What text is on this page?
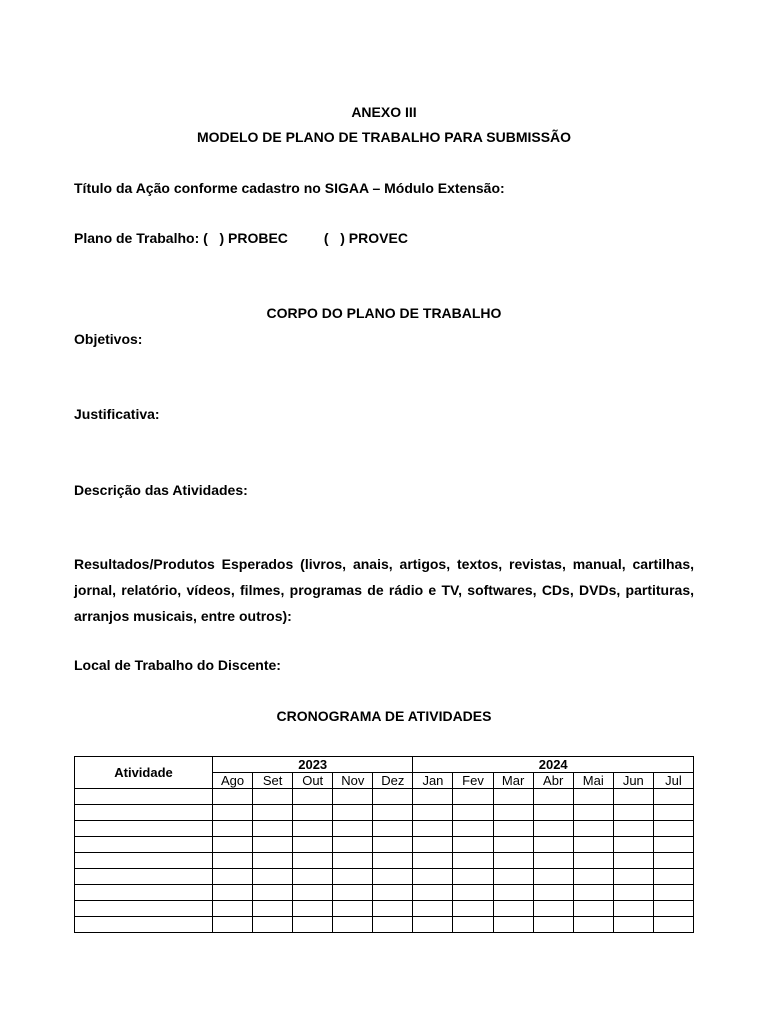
ANEXO III
MODELO DE PLANO DE TRABALHO PARA SUBMISSÃO
Título da Ação conforme cadastro no SIGAA – Módulo Extensão:
Plano de Trabalho: (   ) PROBEC	(   ) PROVEC
CORPO DO PLANO DE TRABALHO
Objetivos:
Justificativa:
Descrição das Atividades:
Resultados/Produtos Esperados (livros, anais, artigos, textos, revistas, manual, cartilhas, jornal, relatório, vídeos, filmes, programas de rádio e TV, softwares, CDs, DVDs, partituras, arranjos musicais, entre outros):
Local de Trabalho do Discente:
CRONOGRAMA DE ATIVIDADES
Atividade	2023					2024						
	Ago	Set	Out	Nov	Dez	Jan	Fev	Mar	Abr	Mai	Jun	Jul
